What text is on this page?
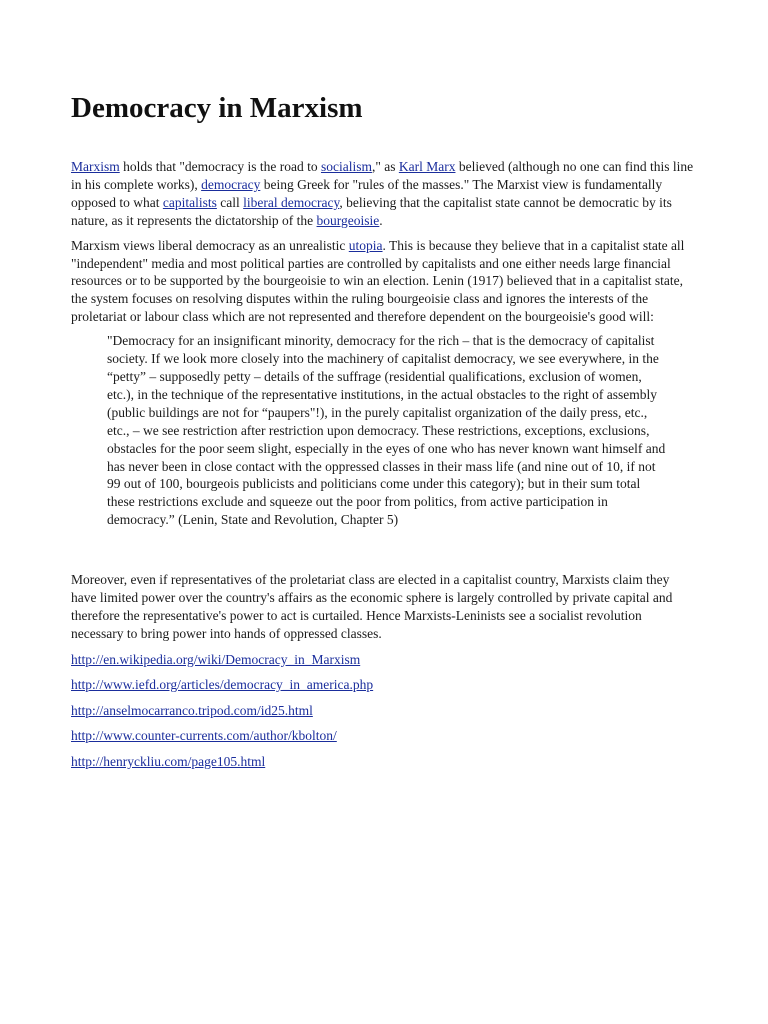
Democracy in Marxism

Marxism holds that "democracy is the road to socialism," as Karl Marx believed (although no one can find this line in his complete works), democracy being Greek for "rules of the masses." The Marxist view is fundamentally opposed to what capitalists call liberal democracy, believing that the capitalist state cannot be democratic by its nature, as it represents the dictatorship of the bourgeoisie.

Marxism views liberal democracy as an unrealistic utopia. This is because they believe that in a capitalist state all "independent" media and most political parties are controlled by capitalists and one either needs large financial resources or to be supported by the bourgeoisie to win an election. Lenin (1917) believed that in a capitalist state, the system focuses on resolving disputes within the ruling bourgeoisie class and ignores the interests of the proletariat or labour class which are not represented and therefore dependent on the bourgeoisie's good will:

"Democracy for an insignificant minority, democracy for the rich – that is the democracy of capitalist society. If we look more closely into the machinery of capitalist democracy, we see everywhere, in the “petty” – supposedly petty – details of the suffrage (residential qualifications, exclusion of women, etc.), in the technique of the representative institutions, in the actual obstacles to the right of assembly (public buildings are not for “paupers"!), in the purely capitalist organization of the daily press, etc., etc., – we see restriction after restriction upon democracy. These restrictions, exceptions, exclusions, obstacles for the poor seem slight, especially in the eyes of one who has never known want himself and has never been in close contact with the oppressed classes in their mass life (and nine out of 10, if not 99 out of 100, bourgeois publicists and politicians come under this category); but in their sum total these restrictions exclude and squeeze out the poor from politics, from active participation in democracy.” (Lenin, State and Revolution, Chapter 5)

Moreover, even if representatives of the proletariat class are elected in a capitalist country, Marxists claim they have limited power over the country's affairs as the economic sphere is largely controlled by private capital and therefore the representative's power to act is curtailed. Hence Marxists-Leninists see a socialist revolution necessary to bring power into hands of oppressed classes.

http://en.wikipedia.org/wiki/Democracy_in_Marxism
http://www.iefd.org/articles/democracy_in_america.php
http://anselmocarranco.tripod.com/id25.html
http://www.counter-currents.com/author/kbolton/
http://henryckliu.com/page105.html
